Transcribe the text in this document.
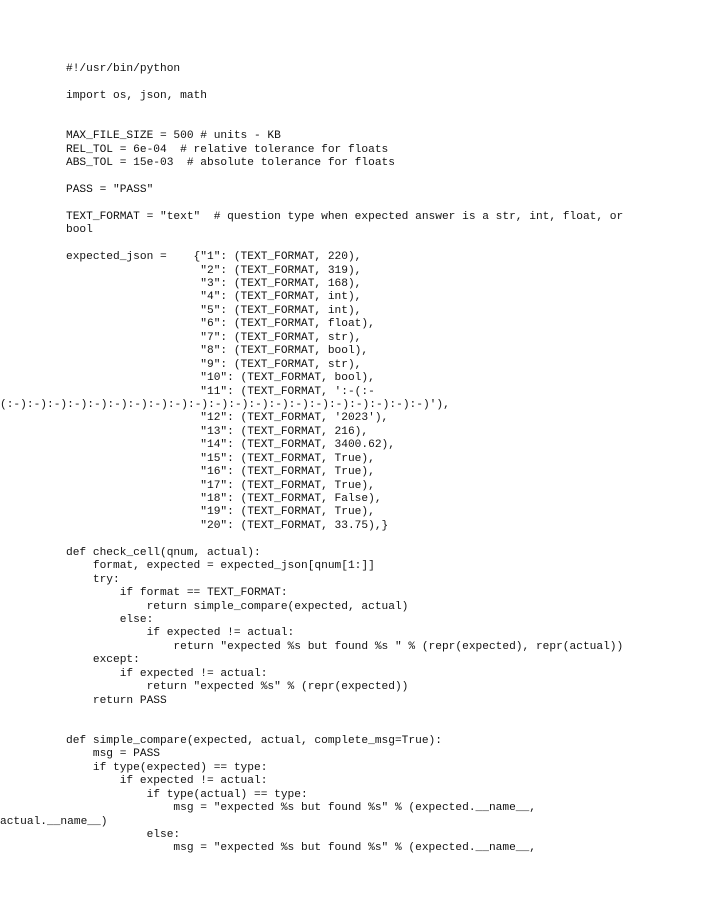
#!/usr/bin/python
import os, json, math
MAX_FILE_SIZE = 500 # units - KB
REL_TOL = 6e-04  # relative tolerance for floats
ABS_TOL = 15e-03  # absolute tolerance for floats
PASS = "PASS"
TEXT_FORMAT = "text"  # question type when expected answer is a str, int, float, or
bool
expected_json =    {"1": (TEXT_FORMAT, 220),
"2": (TEXT_FORMAT, 319),
"3": (TEXT_FORMAT, 168),
"4": (TEXT_FORMAT, int),
"5": (TEXT_FORMAT, int),
"6": (TEXT_FORMAT, float),
"7": (TEXT_FORMAT, str),
"8": (TEXT_FORMAT, bool),
"9": (TEXT_FORMAT, str),
"10": (TEXT_FORMAT, bool),
"11": (TEXT_FORMAT, ':-(:-
(:-):-):-):-):-):-):-):-):-):-):-):-):-):-):-):-):-):-):-):-):-)'),
"12": (TEXT_FORMAT, '2023'),
"13": (TEXT_FORMAT, 216),
"14": (TEXT_FORMAT, 3400.62),
"15": (TEXT_FORMAT, True),
"16": (TEXT_FORMAT, True),
"17": (TEXT_FORMAT, True),
"18": (TEXT_FORMAT, False),
"19": (TEXT_FORMAT, True),
"20": (TEXT_FORMAT, 33.75),}
def check_cell(qnum, actual):
format, expected = expected_json[qnum[1:]]
try:
if format == TEXT_FORMAT:
return simple_compare(expected, actual)
else:
if expected != actual:
return "expected %s but found %s " % (repr(expected), repr(actual))
except:
if expected != actual:
return "expected %s" % (repr(expected))
return PASS
def simple_compare(expected, actual, complete_msg=True):
msg = PASS
if type(expected) == type:
if expected != actual:
if type(actual) == type:
msg = "expected %s but found %s" % (expected.__name__,
actual.__name__)
else:
msg = "expected %s but found %s" % (expected.__name__,
